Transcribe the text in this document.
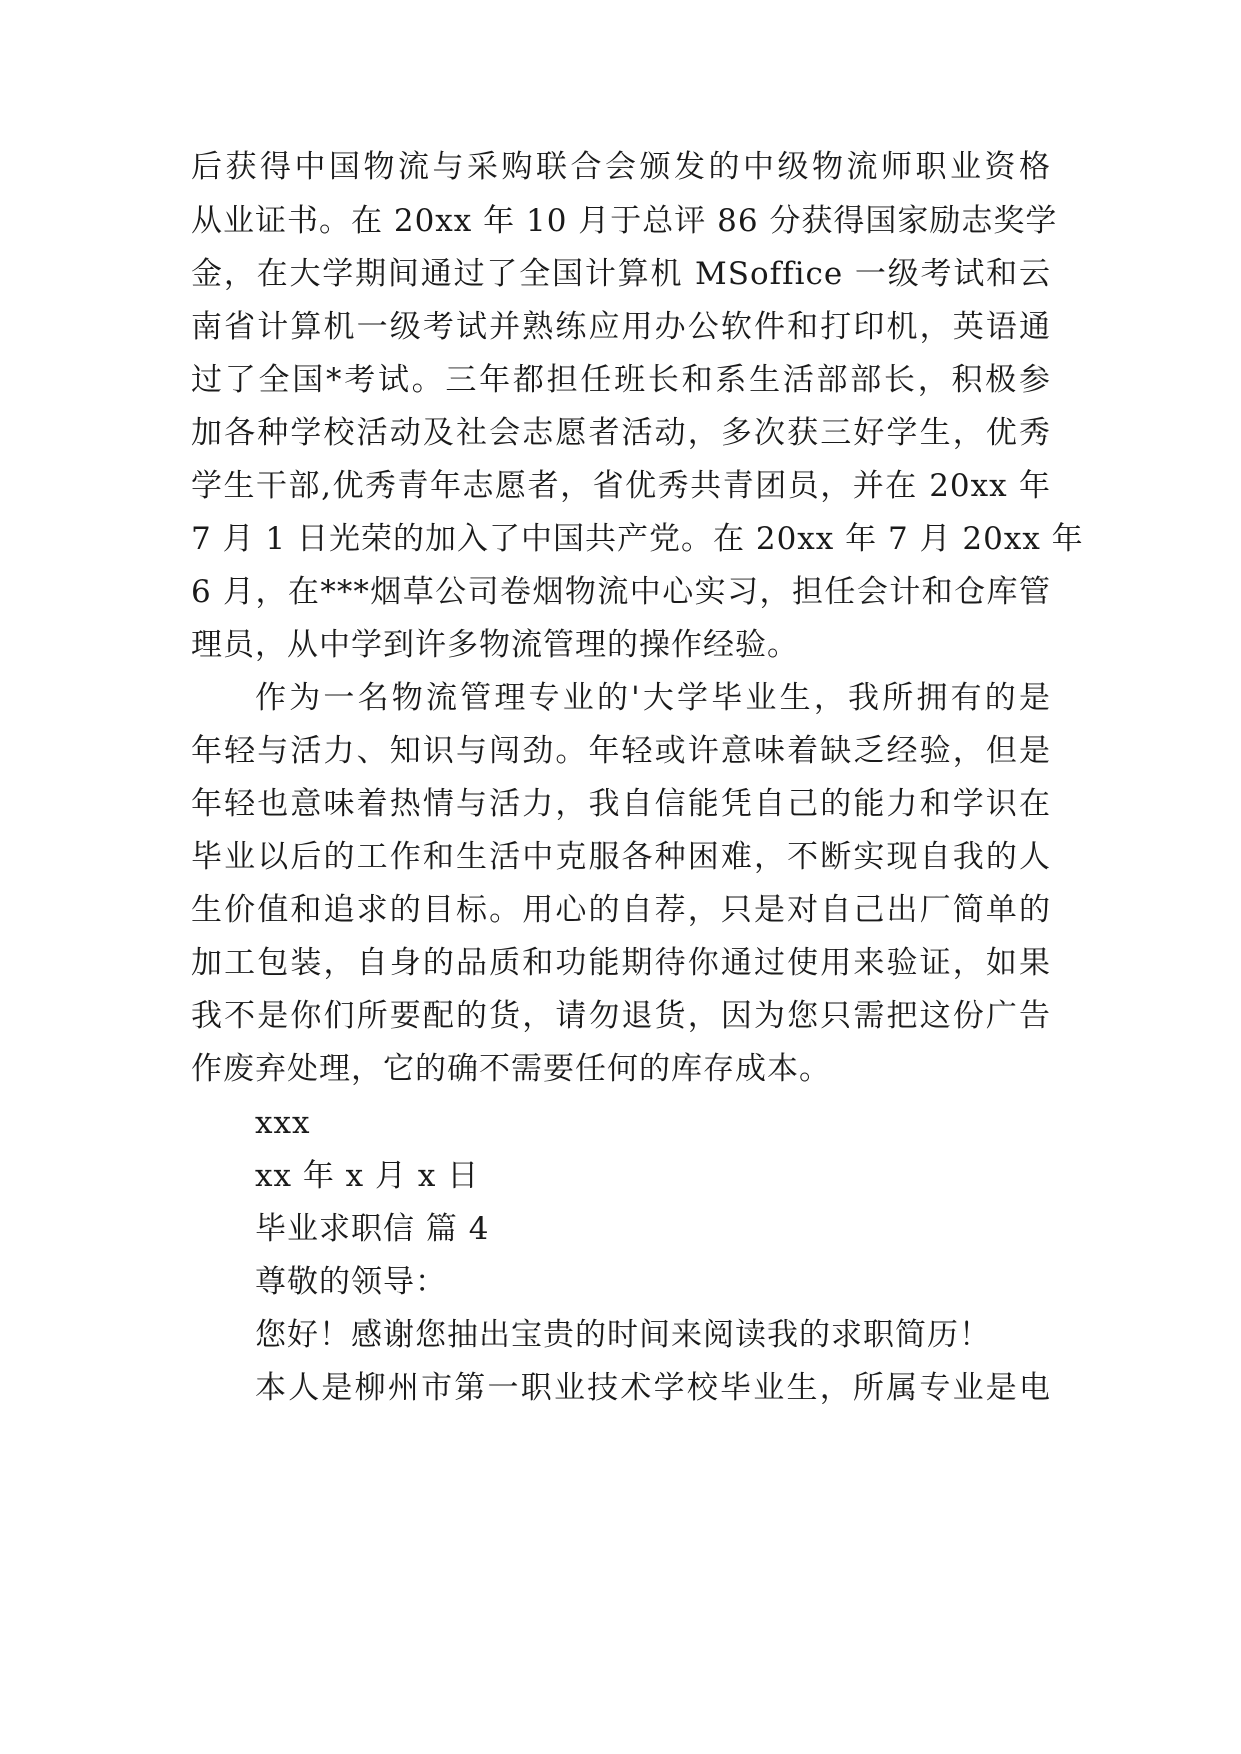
后获得中国物流与采购联合会颁发的中级物流师职业资格
从业证书。在 20xx 年 10 月于总评 86 分获得国家励志奖学
金，在大学期间通过了全国计算机 MSoffice 一级考试和云
南省计算机一级考试并熟练应用办公软件和打印机，英语通
过了全国*考试。三年都担任班长和系生活部部长，积极参
加各种学校活动及社会志愿者活动，多次获三好学生，优秀
学生干部,优秀青年志愿者，省优秀共青团员，并在 20xx 年
7 月 1 日光荣的加入了中国共产党。在 20xx 年 7 月 20xx 年
6 月，在***烟草公司卷烟物流中心实习，担任会计和仓库管
理员，从中学到许多物流管理的操作经验。
作为一名物流管理专业的'大学毕业生，我所拥有的是
年轻与活力、知识与闯劲。年轻或许意味着缺乏经验，但是
年轻也意味着热情与活力，我自信能凭自己的能力和学识在
毕业以后的工作和生活中克服各种困难，不断实现自我的人
生价值和追求的目标。用心的自荐，只是对自己出厂简单的
加工包装，自身的品质和功能期待你通过使用来验证，如果
我不是你们所要配的货，请勿退货，因为您只需把这份广告
作废弃处理，它的确不需要任何的库存成本。
xxx
xx 年 x 月 x 日
毕业求职信 篇 4
尊敬的领导：
您好！感谢您抽出宝贵的时间来阅读我的求职简历！
本人是柳州市第一职业技术学校毕业生，所属专业是电
